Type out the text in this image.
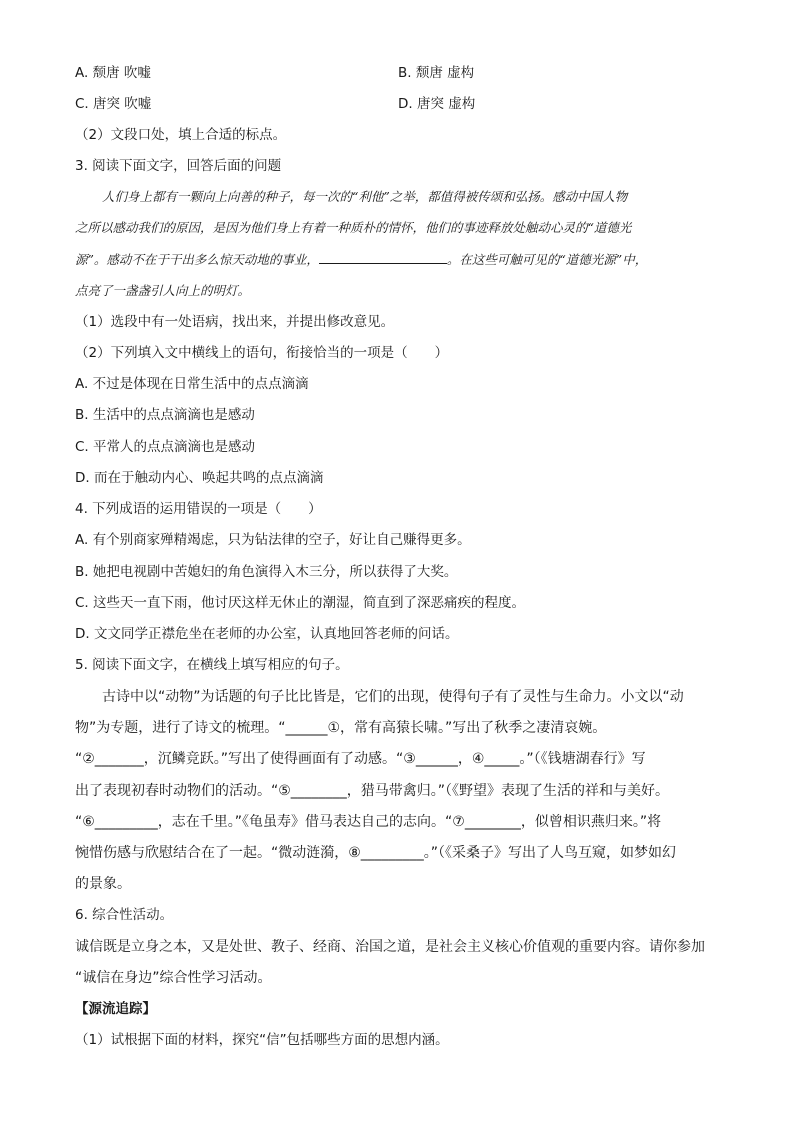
A. 颓唐 吹嘘	B. 颓唐 虚构
C. 唐突 吹嘘	D. 唐突 虚构
（2）文段口处，填上合适的标点。
3. 阅读下面文字，回答后面的问题
人们身上都有一颗向上向善的种子，每一次的“利他”之举，都值得被传颂和弘扬。感动中国人物
之所以感动我们的原因，是因为他们身上有着一种质朴的情怀，他们的事迹释放处触动心灵的“道德光
源”。感动不在于干出多么惊天动地的事业，	。在这些可触可见的“道德光源”中，
点亮了一盏盏引人向上的明灯。
（1）选段中有一处语病，找出来，并提出修改意见。
（2）下列填入文中横线上的语句，衔接恰当的一项是（　　）
A. 不过是体现在日常生活中的点点滴滴
B. 生活中的点点滴滴也是感动
C. 平常人的点点滴滴也是感动
D. 而在于触动内心、唤起共鸣的点点滴滴
4. 下列成语的运用错误的一项是（　　）
A. 有个别商家殚精竭虑，只为钻法律的空子，好让自己赚得更多。
B. 她把电视剧中苦媳妇的角色演得入木三分，所以获得了大奖。
C. 这些天一直下雨，他讨厌这样无休止的潮湿，简直到了深恶痛疾的程度。
D. 文文同学正襟危坐在老师的办公室，认真地回答老师的问话。
5. 阅读下面文字，在横线上填写相应的句子。
古诗中以“动物”为话题的句子比比皆是，它们的出现，使得句子有了灵性与生命力。小文以“动
物”为专题，进行了诗文的梳理。“______①，常有高猿长啸。”写出了秋季之凄清哀婉。
“②_______，沉鳞竞跃。”写出了使得画面有了动感。“③______，④_____。”（《钱塘湖春行》写
出了表现初春时动物们的活动。“⑤________，猎马带禽归。”（《野望》表现了生活的祥和与美好。
“⑥_________，志在千里。”《龟虽寿》借马表达自己的志向。“⑦________，似曾相识燕归来。”将
惋惜伤感与欣慰结合在了一起。“微动涟漪，⑧_________。”（《采桑子》写出了人鸟互窥，如梦如幻
的景象。
6. 综合性活动。
诚信既是立身之本，又是处世、教子、经商、治国之道，是社会主义核心价值观的重要内容。请你参加
“诚信在身边”综合性学习活动。
【源流追踪】
（1）试根据下面的材料，探究“信”包括哪些方面的思想内涵。
